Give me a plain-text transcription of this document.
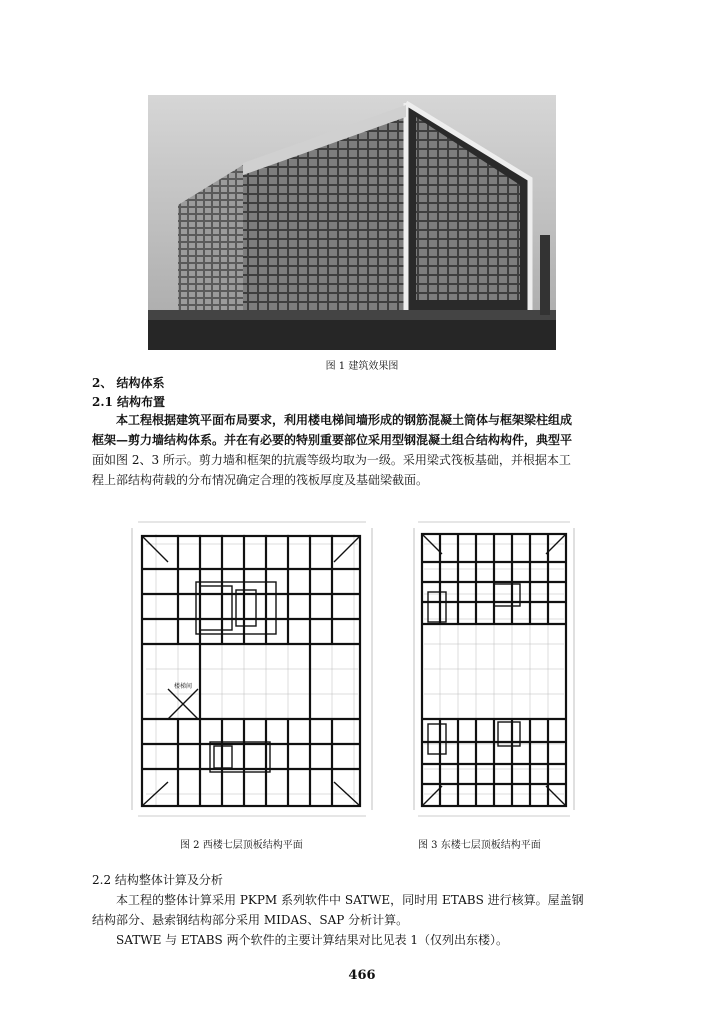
图 1 建筑效果图
2、 结构体系
2.1 结构布置
本工程根据建筑平面布局要求，利用楼电梯间墙形成的钢筋混凝土筒体与框架梁柱组成
框架—剪力墙结构体系。并在有必要的特别重要部位采用型钢混凝土组合结构构件，典型平
面如图 2、3 所示。剪力墙和框架的抗震等级均取为一级。采用梁式筏板基础，并根据本工
程上部结构荷载的分布情况确定合理的筏板厚度及基础梁截面。
楼梯间
图 2 西楼七层顶板结构平面	图 3 东楼七层顶板结构平面
2.2 结构整体计算及分析
本工程的整体计算采用 PKPM 系列软件中 SATWE，同时用 ETABS 进行核算。屋盖钢
结构部分、悬索钢结构部分采用 MIDAS、SAP 分析计算。
SATWE 与 ETABS 两个软件的主要计算结果对比见表 1（仅列出东楼）。
466
